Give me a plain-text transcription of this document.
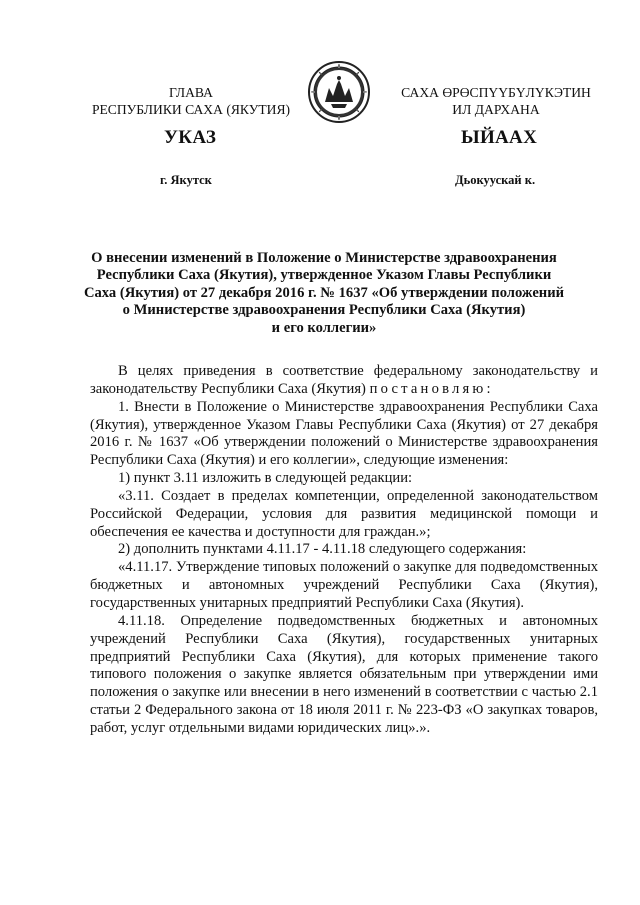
ГЛАВА
РЕСПУБЛИКИ САХА (ЯКУТИЯ)
САХА ӨРӨСПҮҮБҮЛҮКЭТИН
ИЛ ДАРХАНА
УКАЗ	ЫЙААХ
г. Якутск	Дьокуускай к.
О внесении изменений в Положение о Министерстве здравоохранения
Республики Саха (Якутия), утвержденное Указом Главы Республики
Саха (Якутия) от 27 декабря 2016 г. № 1637 «Об утверждении положений
о Министерстве здравоохранения Республики Саха (Якутия)
и его коллегии»

В целях приведения в соответствие федеральному законодательству и законодательству Республики Саха (Якутия) постановляю:

1. Внести в Положение о Министерстве здравоохранения Республики Саха (Якутия), утвержденное Указом Главы Республики Саха (Якутия) от 27 декабря 2016 г. № 1637 «Об утверждении положений о Министерстве здравоохранения Республики Саха (Якутия) и его коллегии», следующие изменения:

1) пункт 3.11 изложить в следующей редакции:

«3.11. Создает в пределах компетенции, определенной законодательством Российской Федерации, условия для развития медицинской помощи и обеспечения ее качества и доступности для граждан.»;

2) дополнить пунктами 4.11.17 - 4.11.18 следующего содержания:

«4.11.17. Утверждение типовых положений о закупке для подведомственных бюджетных и автономных учреждений Республики Саха (Якутия), государственных унитарных предприятий Республики Саха (Якутия).

4.11.18. Определение подведомственных бюджетных и автономных учреждений Республики Саха (Якутия), государственных унитарных предприятий Республики Саха (Якутия), для которых применение такого типового положения о закупке является обязательным при утверждении ими положения о закупке или внесении в него изменений в соответствии с частью 2.1 статьи 2 Федерального закона от 18 июля 2011 г. № 223-ФЗ «О закупках товаров, работ, услуг отдельными видами юридических лиц».».
